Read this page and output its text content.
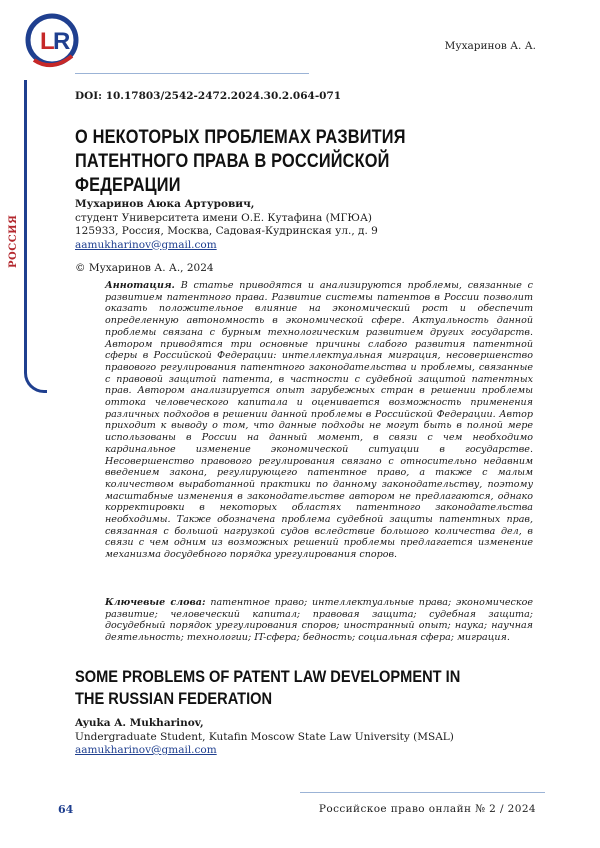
L
R	Мухаринов А. А.
РОССИЯ
DOI: 10.17803/2542-2472.2024.30.2.064-071
О НЕКОТОРЫХ ПРОБЛЕМАХ РАЗВИТИЯ ПАТЕНТНОГО ПРАВА В РОССИЙСКОЙ ФЕДЕРАЦИИ
Мухаринов Аюка Артурович,
студент Университета имени О.Е. Кутафина (МГЮА)
125933, Россия, Москва, Садовая-Кудринская ул., д. 9
aamukharinov@gmail.com
© Мухаринов А. А., 2024
Аннотация. В статье приводятся и анализируются проблемы, связанные с развитием патентного права. Развитие системы патентов в России позволит оказать положительное влияние на экономический рост и обеспечит определенную автономность в экономической сфере. Актуальность данной проблемы связана с бурным технологическим развитием других государств. Автором приводятся три основные причины слабого развития патентной сферы в Российской Федерации: интеллектуальная миграция, несовершенство правового регулирования патентного законодательства и проблемы, связанные с правовой защитой патента, в частности с судебной защитой патентных прав. Автором анализируется опыт зарубежных стран в решении проблемы оттока человеческого капитала и оценивается возможность применения различных подходов в решении данной проблемы в Российской Федерации. Автор приходит к выводу о том, что данные подходы не могут быть в полной мере использованы в России на данный момент, в связи с чем необходимо кардинальное изменение экономической ситуации в государстве. Несовершенство правового регулирования связано с относительно недавним введением закона, регулирующего патентное право, а также с малым количеством выработанной практики по данному законодательству, поэтому масштабные изменения в законодательстве автором не предлагаются, однако корректировки в некоторых областях патентного законодательства необходимы. Также обозначена проблема судебной защиты патентных прав, связанная с большой нагрузкой судов вследствие большого количества дел, в связи с чем одним из возможных решений проблемы предлагается изменение механизма досудебного порядка урегулирования споров.
Ключевые слова: патентное право; интеллектуальные права; экономическое развитие; человеческий капитал; правовая защита; судебная защита; досудебный порядок урегулирования споров; иностранный опыт; наука; научная деятельность; технологии; IT-сфера; бедность; социальная сфера; миграция.
SOME PROBLEMS OF PATENT LAW DEVELOPMENT IN THE RUSSIAN FEDERATION
Ayuka A. Mukharinov,
Undergraduate Student, Kutafin Moscow State Law University (MSAL)
aamukharinov@gmail.com
64	Российское право онлайн № 2 / 2024
